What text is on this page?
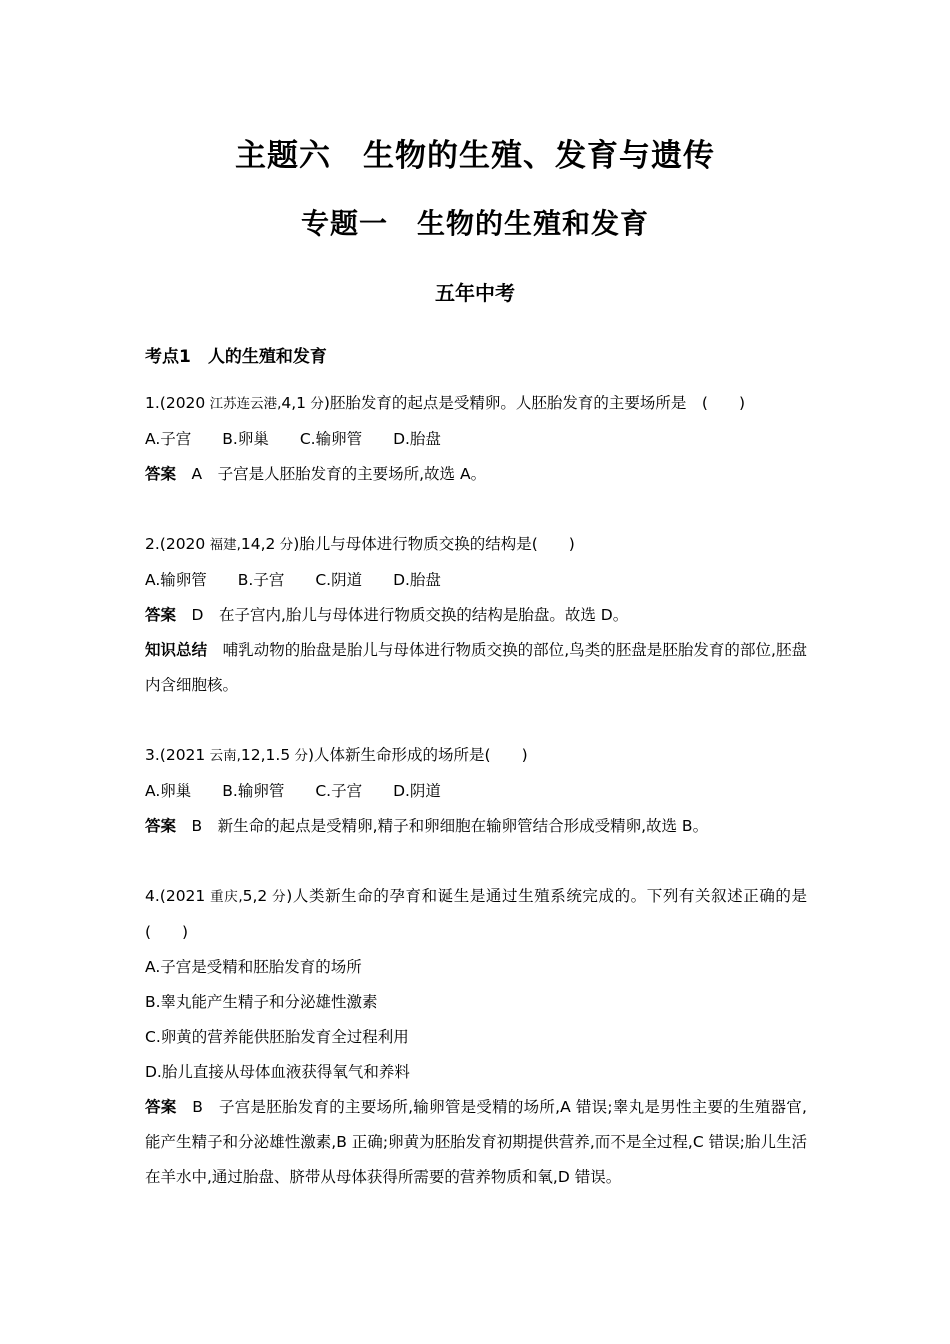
主题六　生物的生殖、发育与遗传
专题一　生物的生殖和发育
五年中考
考点1　人的生殖和发育
1.(2020 江苏连云港,4,1 分)胚胎发育的起点是受精卵。人胚胎发育的主要场所是　(　　)
A.子宫　　B.卵巢　　C.输卵管　　D.胎盘
答案　A　子宫是人胚胎发育的主要场所,故选 A。
2.(2020 福建,14,2 分)胎儿与母体进行物质交换的结构是(　　)
A.输卵管　　B.子宫　　C.阴道　　D.胎盘
答案　D　在子宫内,胎儿与母体进行物质交换的结构是胎盘。故选 D。
知识总结　哺乳动物的胎盘是胎儿与母体进行物质交换的部位,鸟类的胚盘是胚胎发育的部位,胚盘内含细胞核。
3.(2021 云南,12,1.5 分)人体新生命形成的场所是(　　)
A.卵巢　　B.输卵管　　C.子宫　　D.阴道
答案　B　新生命的起点是受精卵,精子和卵细胞在输卵管结合形成受精卵,故选 B。
4.(2021 重庆,5,2 分)人类新生命的孕育和诞生是通过生殖系统完成的。下列有关叙述正确的是　　(　　)
A.子宫是受精和胚胎发育的场所
B.睾丸能产生精子和分泌雄性激素
C.卵黄的营养能供胚胎发育全过程利用
D.胎儿直接从母体血液获得氧气和养料
答案　B　子宫是胚胎发育的主要场所,输卵管是受精的场所,A 错误;睾丸是男性主要的生殖器官,能产生精子和分泌雄性激素,B 正确;卵黄为胚胎发育初期提供营养,而不是全过程,C 错误;胎儿生活在羊水中,通过胎盘、脐带从母体获得所需要的营养物质和氧,D 错误。
